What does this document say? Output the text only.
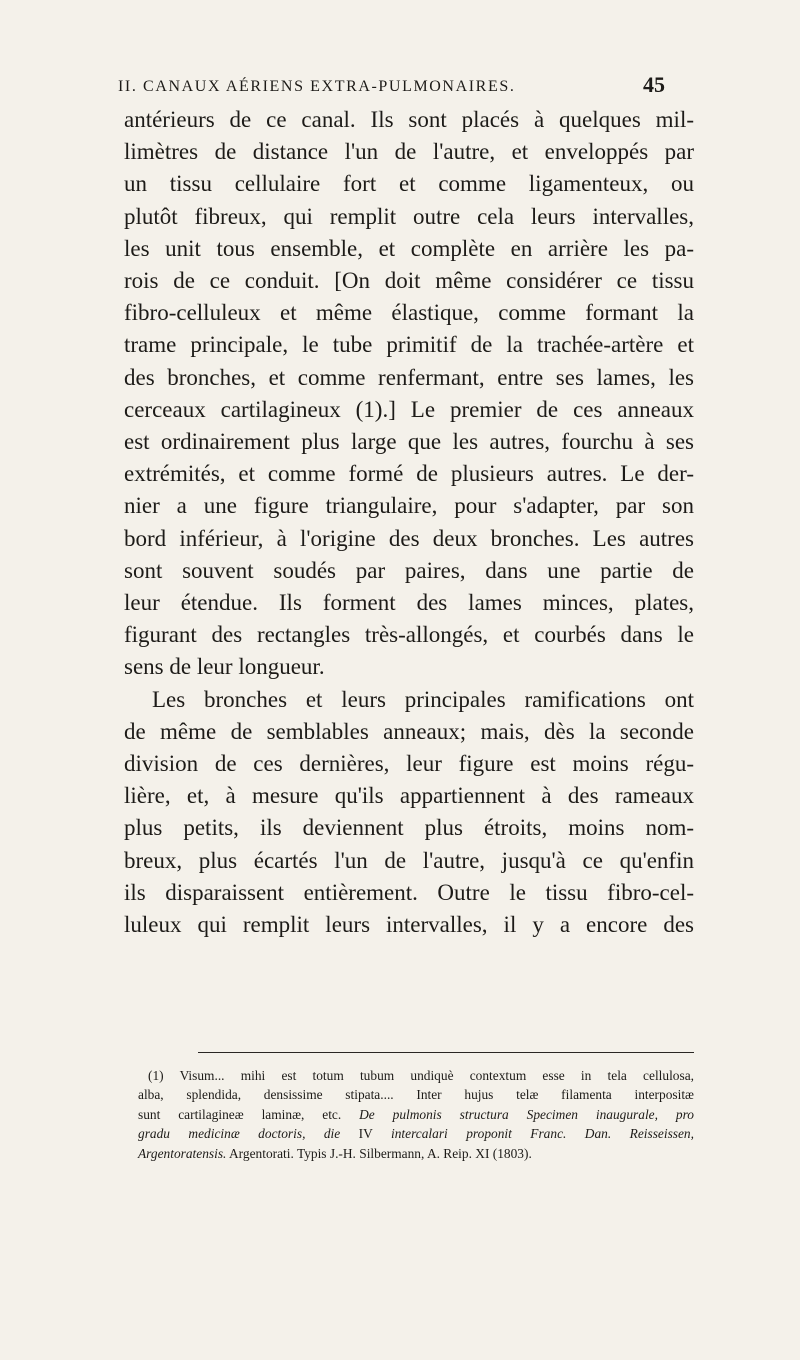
II. CANAUX AÉRIENS EXTRA-PULMONAIRES.	45
antérieurs de ce canal. Ils sont placés à quelques mil-
limètres de distance l'un de l'autre, et enveloppés par
un tissu cellulaire fort et comme ligamenteux, ou
plutôt fibreux, qui remplit outre cela leurs intervalles,
les unit tous ensemble, et complète en arrière les pa-
rois de ce conduit. [On doit même considérer ce tissu
fibro-celluleux et même élastique, comme formant la
trame principale, le tube primitif de la trachée-artère et
des bronches, et comme renfermant, entre ses lames, les
cerceaux cartilagineux (1).] Le premier de ces anneaux
est ordinairement plus large que les autres, fourchu à ses
extrémités, et comme formé de plusieurs autres. Le der-
nier a une figure triangulaire, pour s'adapter, par son
bord inférieur, à l'origine des deux bronches. Les autres
sont souvent soudés par paires, dans une partie de
leur étendue. Ils forment des lames minces, plates,
figurant des rectangles très-allongés, et courbés dans le
sens de leur longueur.
Les bronches et leurs principales ramifications ont
de même de semblables anneaux; mais, dès la seconde
division de ces dernières, leur figure est moins régu-
lière, et, à mesure qu'ils appartiennent à des rameaux
plus petits, ils deviennent plus étroits, moins nom-
breux, plus écartés l'un de l'autre, jusqu'à ce qu'enfin
ils disparaissent entièrement. Outre le tissu fibro-cel-
luleux qui remplit leurs intervalles, il y a encore des
(1) Visum... mihi est totum tubum undiquè contextum esse in tela cellulosa,
alba, splendida, densissime stipata.... Inter hujus telæ filamenta interpositæ
sunt cartilagineæ laminæ, etc. De pulmonis structura Specimen inaugurale, pro
gradu medicinæ doctoris, die IV intercalari proponit Franc. Dan. Reisseissen,
Argentoratensis. Argentorati. Typis J.-H. Silbermann, A. Reip. XI (1803).
